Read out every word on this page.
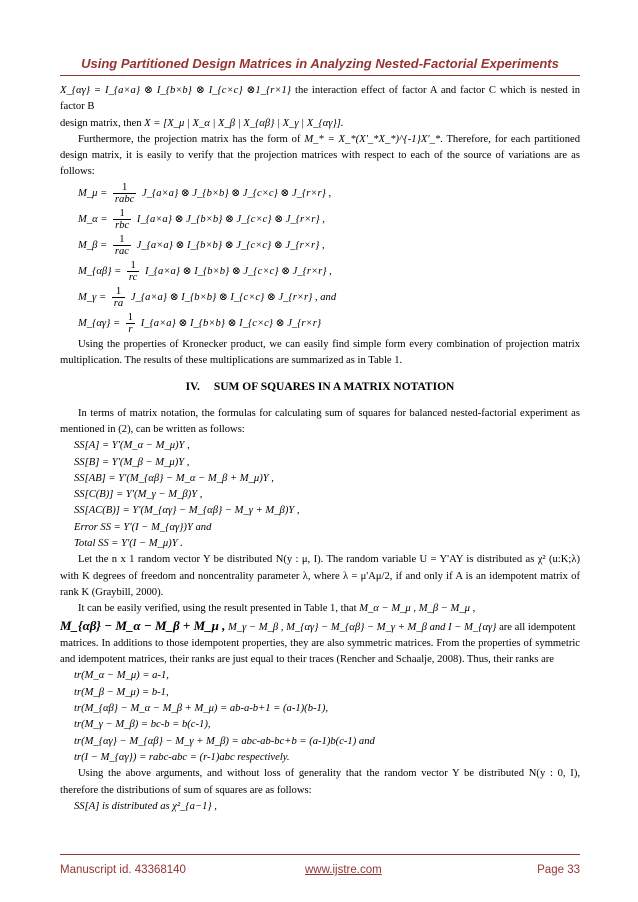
Using Partitioned Design Matrices in Analyzing Nested-Factorial Experiments

X_{αγ} = I_{a×a} ⊗ I_{b×b} ⊗ I_{c×c} ⊗1_{r×1} the interaction effect of factor A and factor C which is nested in factor B

design matrix, then X = [X_μ | X_α | X_β | X_{αβ} | X_γ | X_{αγ}].

Furthermore, the projection matrix has the form of M_* = X_*(X'_*X_*)^{-1}X'_*. Therefore, for each partitioned design matrix, it is easily to verify that the projection matrices with respect to each of the source of variations are as follows:

M_μ = $\frac{1}{\text{rabc}}$ J_{a×a} ⊗ J_{b×b} ⊗ J_{c×c} ⊗ J_{r×r} ,
M_α = $\frac{1}{\text{rbc}}$ I_{a×a} ⊗ J_{b×b} ⊗ J_{c×c} ⊗ J_{r×r} ,
M_β = $\frac{1}{\text{rac}}$ J_{a×a} ⊗ I_{b×b} ⊗ J_{c×c} ⊗ J_{r×r} ,
M_{αβ} = $\frac{1}{rc}$ I_{a×a} ⊗ I_{b×b} ⊗ J_{c×c} ⊗ J_{r×r} ,
M_γ = $\frac{1}{ra}$ J_{a×a} ⊗ I_{b×b} ⊗ I_{c×c} ⊗ J_{r×r} , and
M_{αγ} = $\frac{1}{r}$ I_{a×a} ⊗ I_{b×b} ⊗ I_{c×c} ⊗ J_{r×r}

Using the properties of Kronecker product, we can easily find simple form every combination of projection matrix multiplication. The results of these multiplications are summarized as in Table 1.

IV. SUM OF SQUARES IN A MATRIX NOTATION

In terms of matrix notation, the formulas for calculating sum of squares for balanced nested-factorial experiment as mentioned in (2), can be written as follows:

SS[A] = Y'(M_α − M_μ)Y ,
SS[B] = Y'(M_β − M_μ)Y ,
SS[AB] = Y'(M_{αβ} − M_α − M_β + M_μ)Y ,
SS[C(B)] = Y'(M_γ − M_β)Y ,
SS[AC(B)] = Y'(M_{αγ} − M_{αβ} − M_γ + M_β)Y ,
Error SS = Y'(I − M_{αγ})Y and
Total SS = Y'(I − M_μ)Y .

Let the n x 1 random vector Y be distributed N(y : μ, I). The random variable U = Y'AY is distributed as χ² (u:K;λ) with K degrees of freedom and noncentrality parameter λ, where λ = μ'Aμ/2, if and only if A is an idempotent matrix of rank K (Graybill, 2000).

It can be easily verified, using the result presented in Table 1, that M_α − M_μ , M_β − M_μ ,

M_{αβ} − M_α − M_β + M_μ , M_γ − M_β , M_{αγ} − M_{αβ} − M_γ + M_β and I − M_{αγ} are all idempotent

matrices. In additions to those idempotent properties, they are also symmetric matrices. From the properties of symmetric and idempotent matrices, their ranks are just equal to their traces (Rencher and Schaalje, 2008). Thus, their ranks are

tr(M_α − M_μ) = a-1,
tr(M_β − M_μ) = b-1,
tr(M_{αβ} − M_α − M_β + M_μ) = ab-a-b+1 = (a-1)(b-1),
tr(M_γ − M_β) = bc-b = b(c-1),
tr(M_{αγ} − M_{αβ} − M_γ + M_β) = abc-ab-bc+b = (a-1)b(c-1) and
tr(I − M_{αγ}) = rabc-abc = (r-1)abc respectively.

Using the above arguments, and without loss of generality that the random vector Y be distributed N(y : 0, I), therefore the distributions of sum of squares are as follows:

SS[A] is distributed as χ²_{a−1} ,
Manuscript id. 43368140	www.ijstre.com	Page 33
